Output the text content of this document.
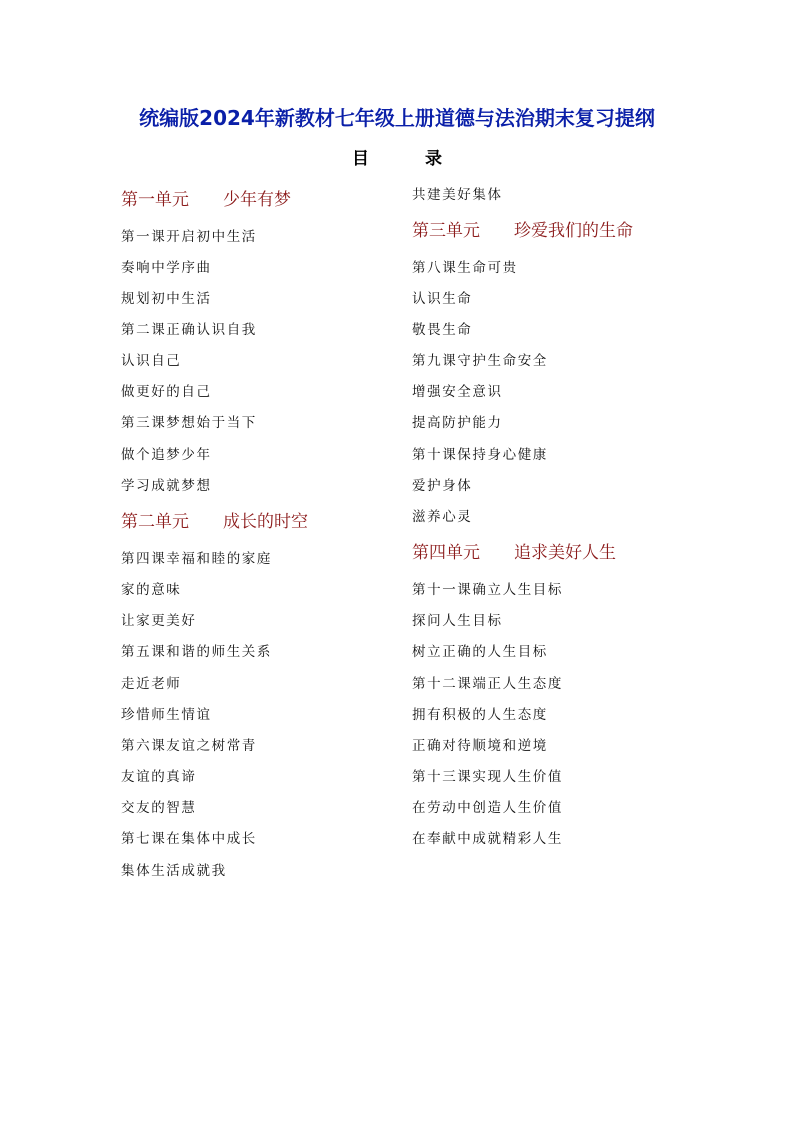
统编版2024年新教材七年级上册道德与法治期末复习提纲
目	录
第一单元 少年有梦
第一课开启初中生活
奏响中学序曲
规划初中生活
第二课正确认识自我
认识自己
做更好的自己
第三课梦想始于当下
做个追梦少年
学习成就梦想
第二单元 成长的时空
第四课幸福和睦的家庭
家的意味
让家更美好
第五课和谐的师生关系
走近老师
珍惜师生情谊
第六课友谊之树常青
友谊的真谛
交友的智慧
第七课在集体中成长
集体生活成就我
共建美好集体
第三单元 珍爱我们的生命
第八课生命可贵
认识生命
敬畏生命
第九课守护生命安全
增强安全意识
提高防护能力
第十课保持身心健康
爱护身体
滋养心灵
第四单元 追求美好人生
第十一课确立人生目标
探问人生目标
树立正确的人生目标
第十二课端正人生态度
拥有积极的人生态度
正确对待顺境和逆境
第十三课实现人生价值
在劳动中创造人生价值
在奉献中成就精彩人生
